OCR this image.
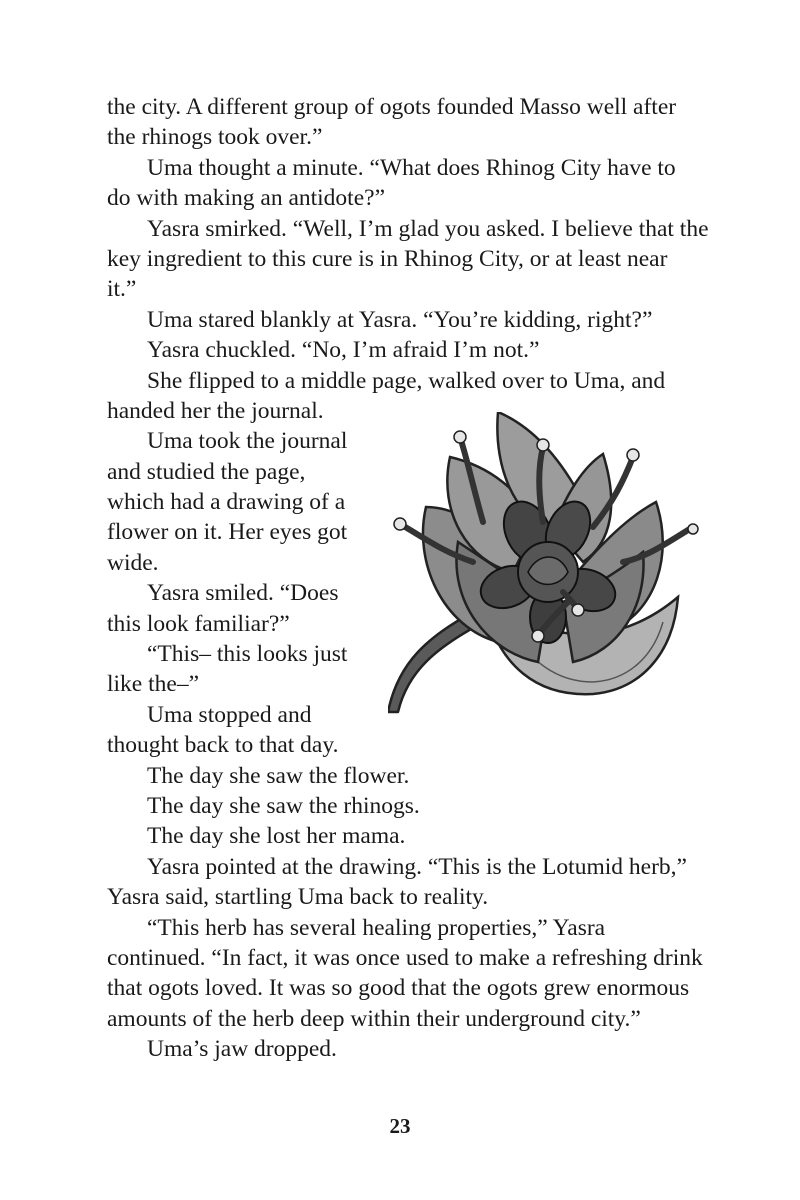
the city. A different group of ogots founded Masso well after
the rhinogs took over.”
Uma thought a minute. “What does Rhinog City have to
do with making an antidote?”
Yasra smirked. “Well, I’m glad you asked. I believe that the
key ingredient to this cure is in Rhinog City, or at least near
it.”
Uma stared blankly at Yasra. “You’re kidding, right?”
Yasra chuckled. “No, I’m afraid I’m not.”
She flipped to a middle page, walked over to Uma, and
handed her the journal.
Uma took the journal
and studied the page,
which had a drawing of a
flower on it. Her eyes got
wide.
Yasra smiled. “Does
this look familiar?”
“This– this looks just
like the–”
Uma stopped and
thought back to that day.
The day she saw the flower.
The day she saw the rhinogs.
The day she lost her mama.
Yasra pointed at the drawing. “This is the Lotumid herb,”
Yasra said, startling Uma back to reality.
“This herb has several healing properties,” Yasra
continued. “In fact, it was once used to make a refreshing drink
that ogots loved. It was so good that the ogots grew enormous
amounts of the herb deep within their underground city.”
Uma’s jaw dropped.
23
